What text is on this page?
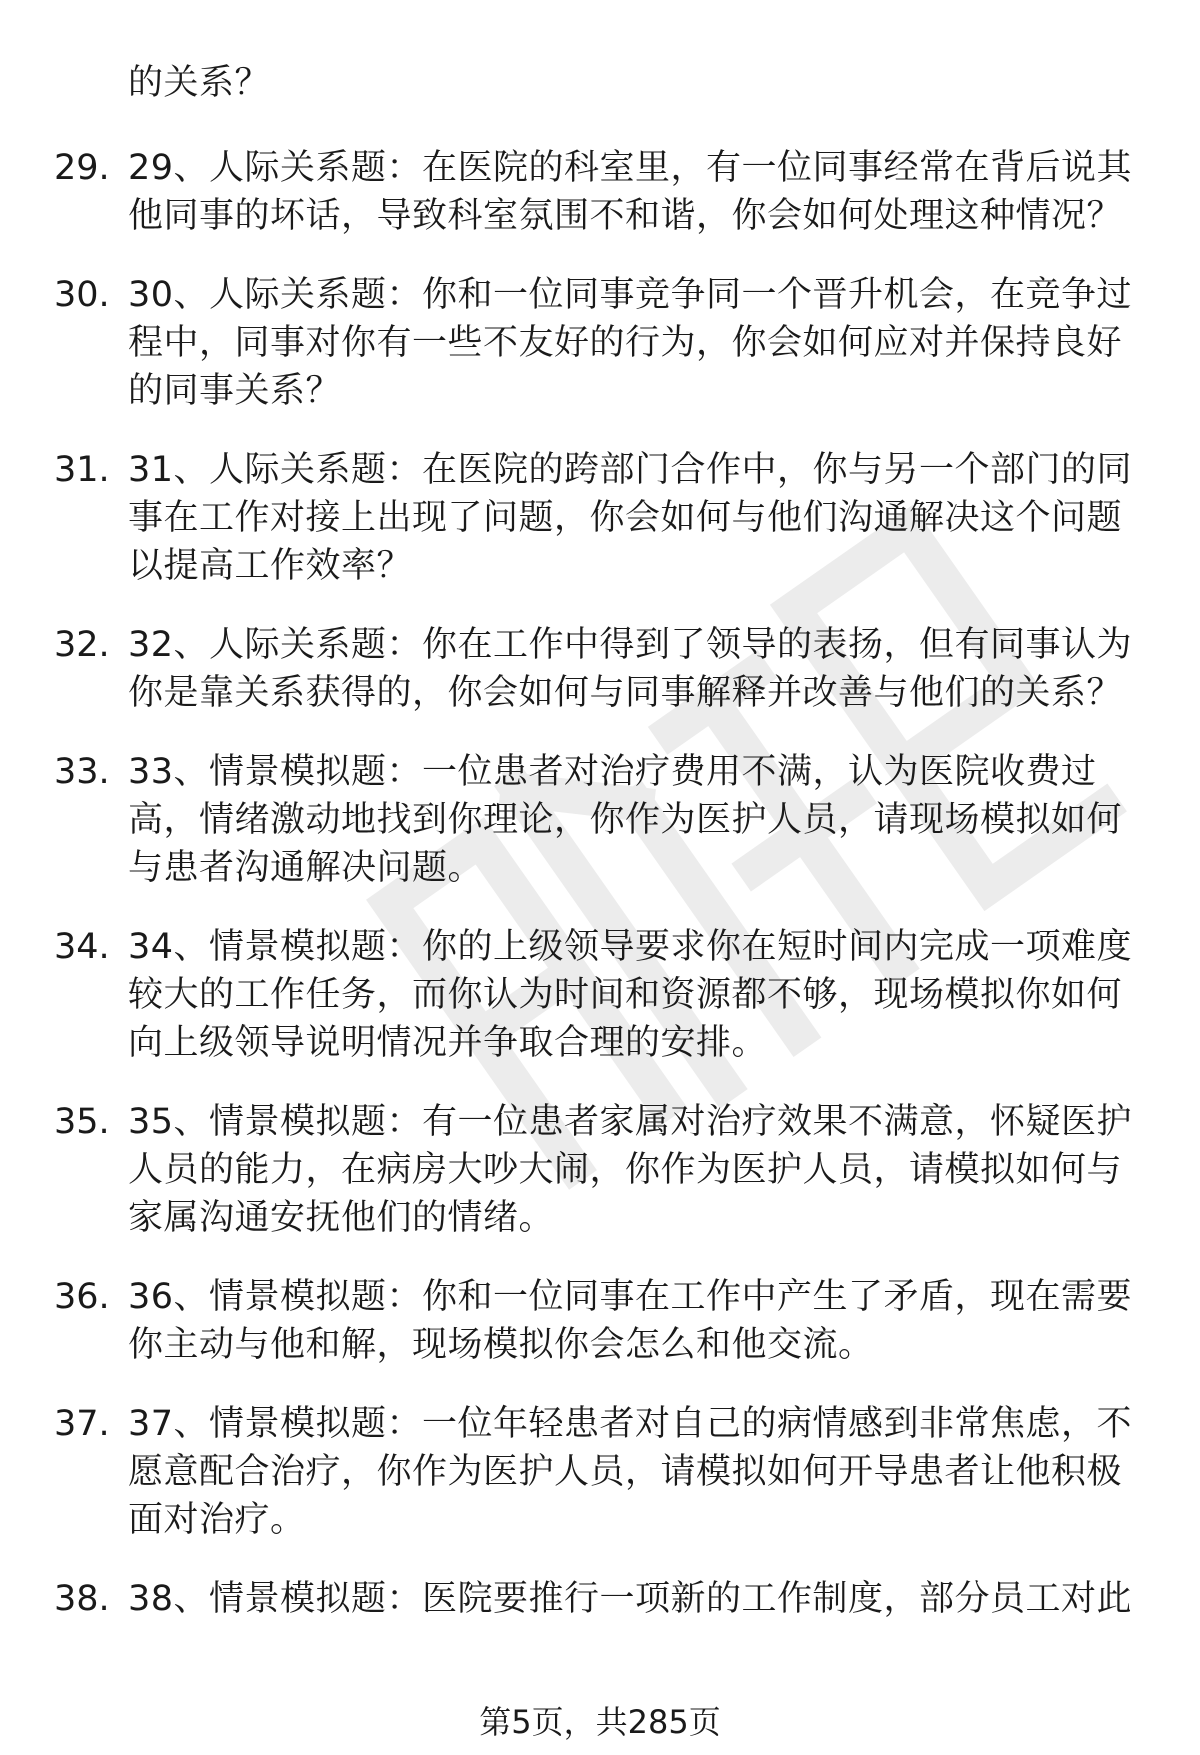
的关系？
29. 29、人际关系题：在医院的科室里，有一位同事经常在背后说其他同事的坏话，导致科室氛围不和谐，你会如何处理这种情况？
30. 30、人际关系题：你和一位同事竞争同一个晋升机会，在竞争过程中，同事对你有一些不友好的行为，你会如何应对并保持良好的同事关系？
31. 31、人际关系题：在医院的跨部门合作中，你与另一个部门的同事在工作对接上出现了问题，你会如何与他们沟通解决这个问题以提高工作效率？
32. 32、人际关系题：你在工作中得到了领导的表扬，但有同事认为你是靠关系获得的，你会如何与同事解释并改善与他们的关系？
33. 33、情景模拟题：一位患者对治疗费用不满，认为医院收费过高，情绪激动地找到你理论，你作为医护人员，请现场模拟如何与患者沟通解决问题。
34. 34、情景模拟题：你的上级领导要求你在短时间内完成一项难度较大的工作任务，而你认为时间和资源都不够，现场模拟你如何向上级领导说明情况并争取合理的安排。
35. 35、情景模拟题：有一位患者家属对治疗效果不满意，怀疑医护人员的能力，在病房大吵大闹，你作为医护人员，请模拟如何与家属沟通安抚他们的情绪。
36. 36、情景模拟题：你和一位同事在工作中产生了矛盾，现在需要你主动与他和解，现场模拟你会怎么和他交流。
37. 37、情景模拟题：一位年轻患者对自己的病情感到非常焦虑，不愿意配合治疗，你作为医护人员，请模拟如何开导患者让他积极面对治疗。
38. 38、情景模拟题：医院要推行一项新的工作制度，部分员工对此
第5页，共285页
